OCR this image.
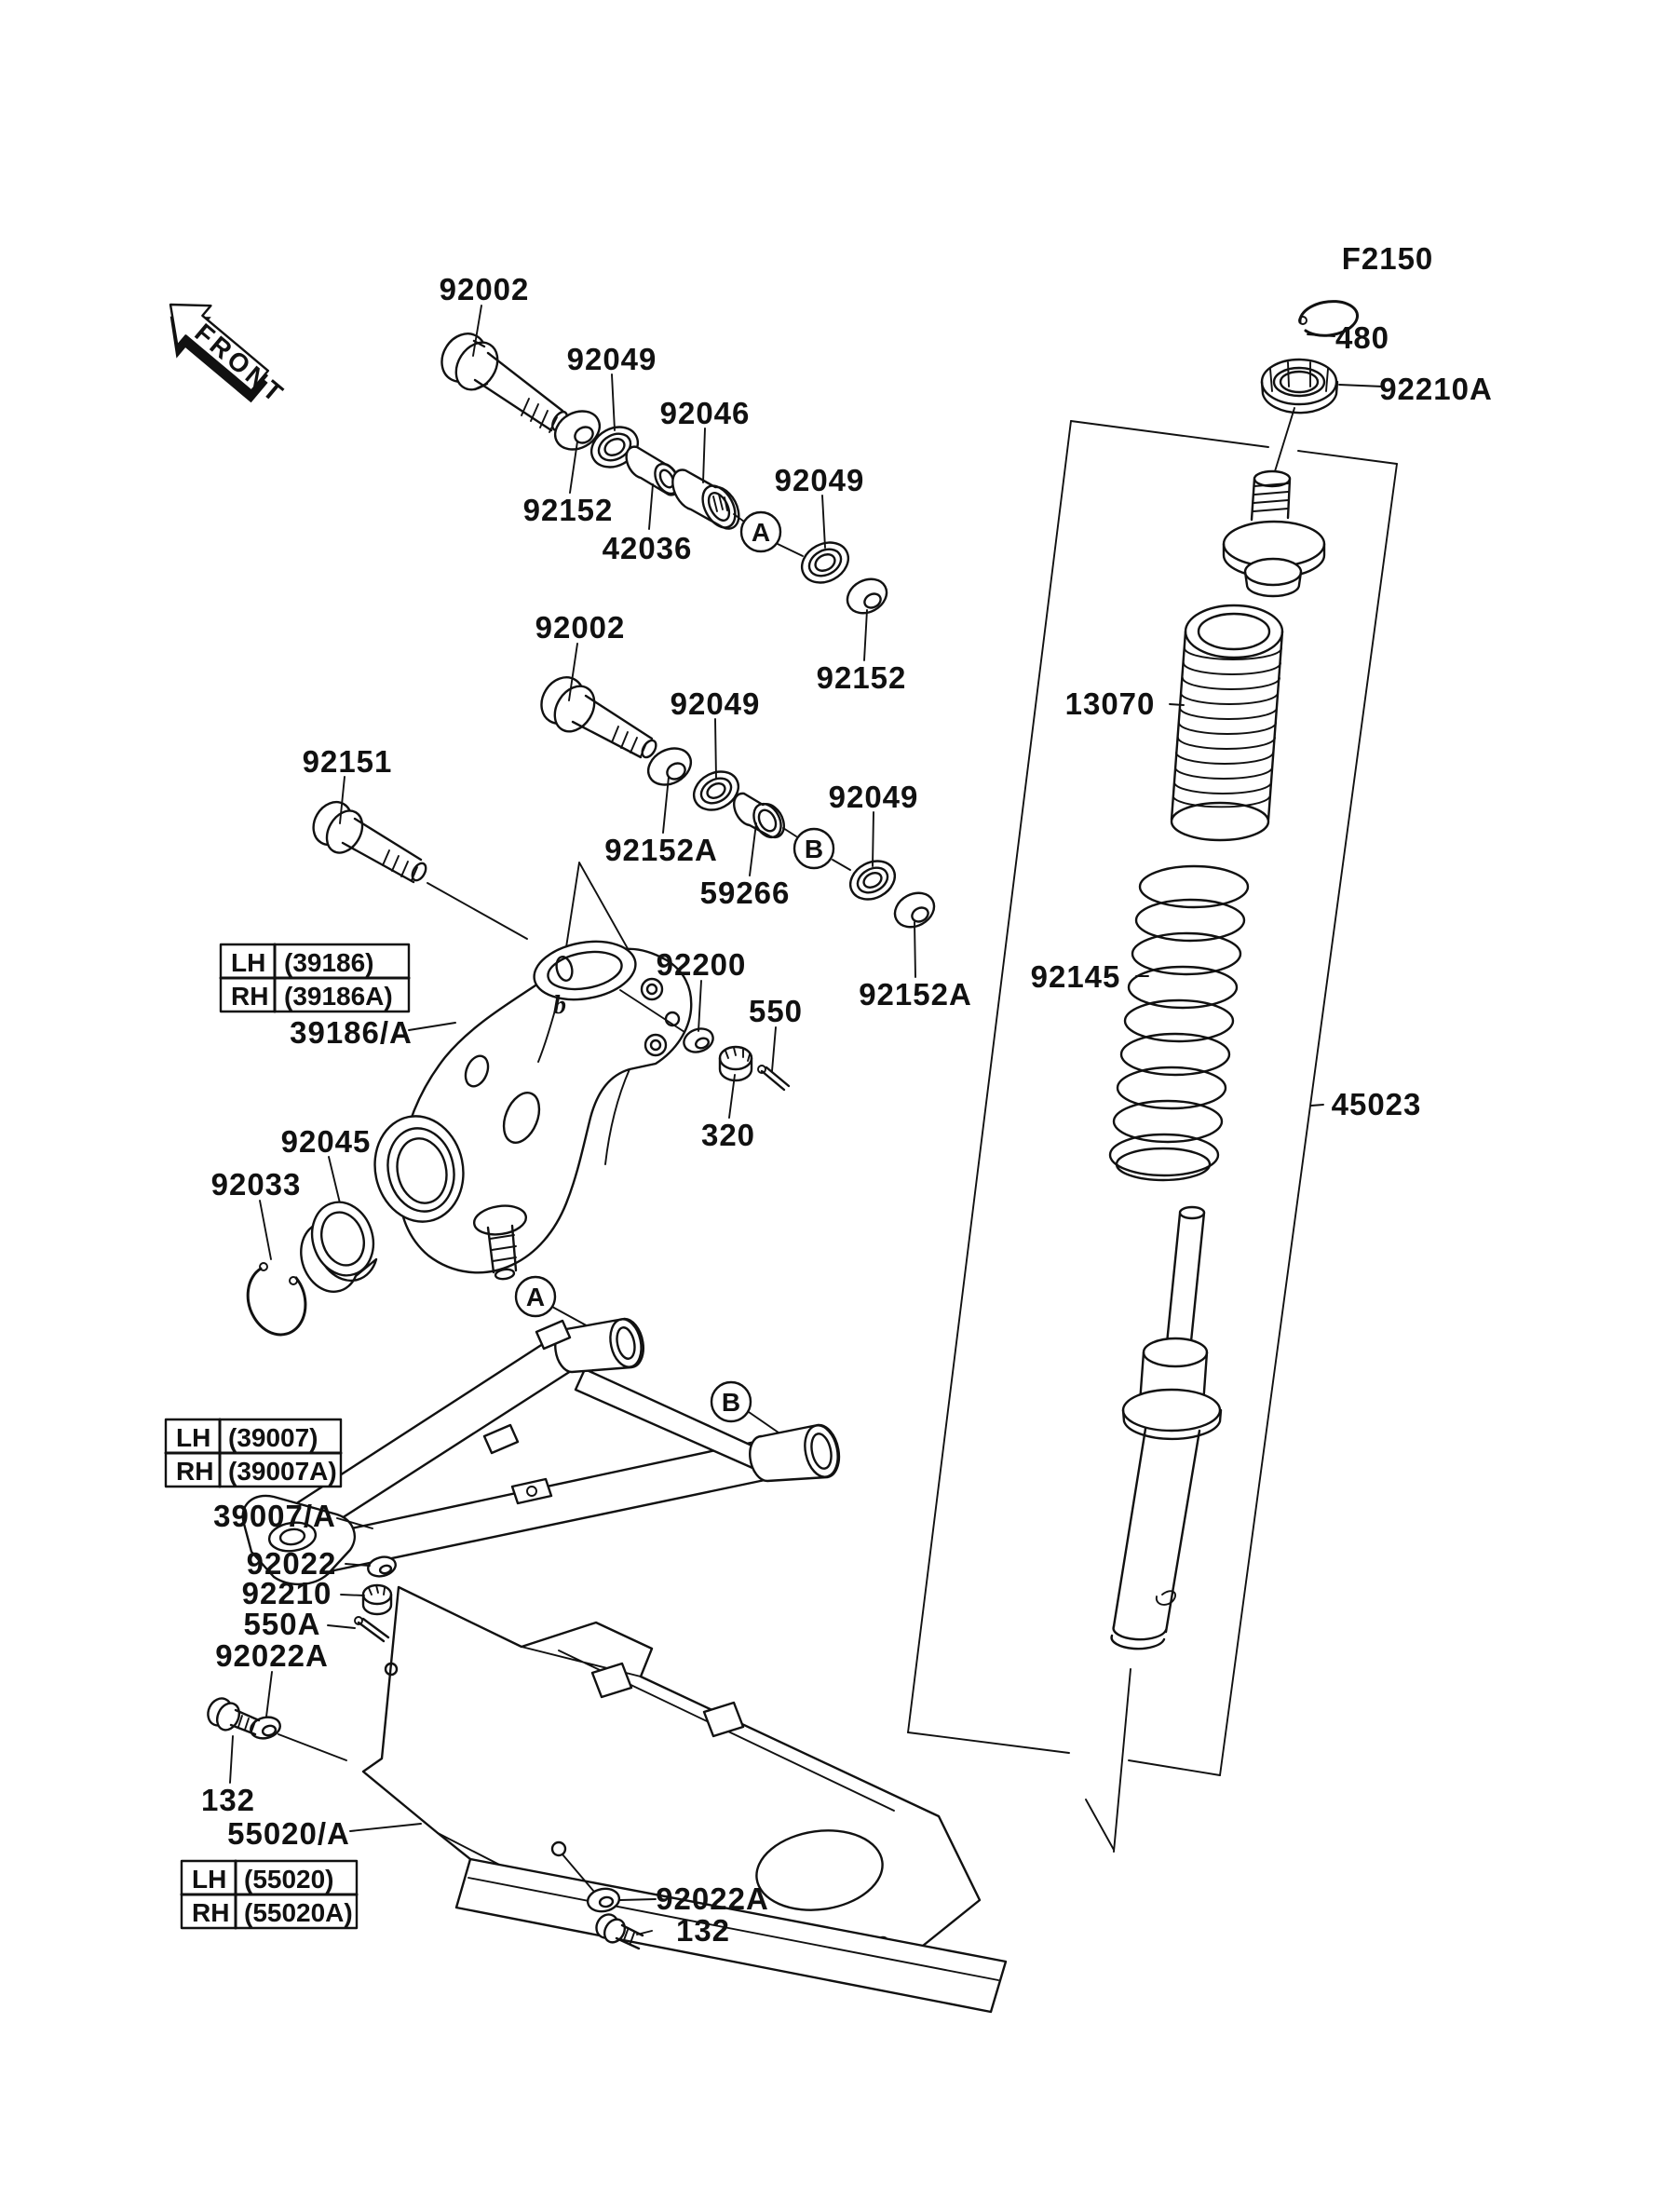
FRONT
F2150
A
B
b
A
B
LH (39186)
RH (39186A)
LH (39007)
RH (39007A)
LH (55020)
RH (55020A)
92002
92049
92046
92152
42036
92049
92152
92002
92049
92151
92152A
59266
92049
92152A
92200
550
320
39186/A
92045
92033
39007/A
92022
92210
550A
92022A
132
55020/A
92022A
132
480
92210A
13070
92145
45023
